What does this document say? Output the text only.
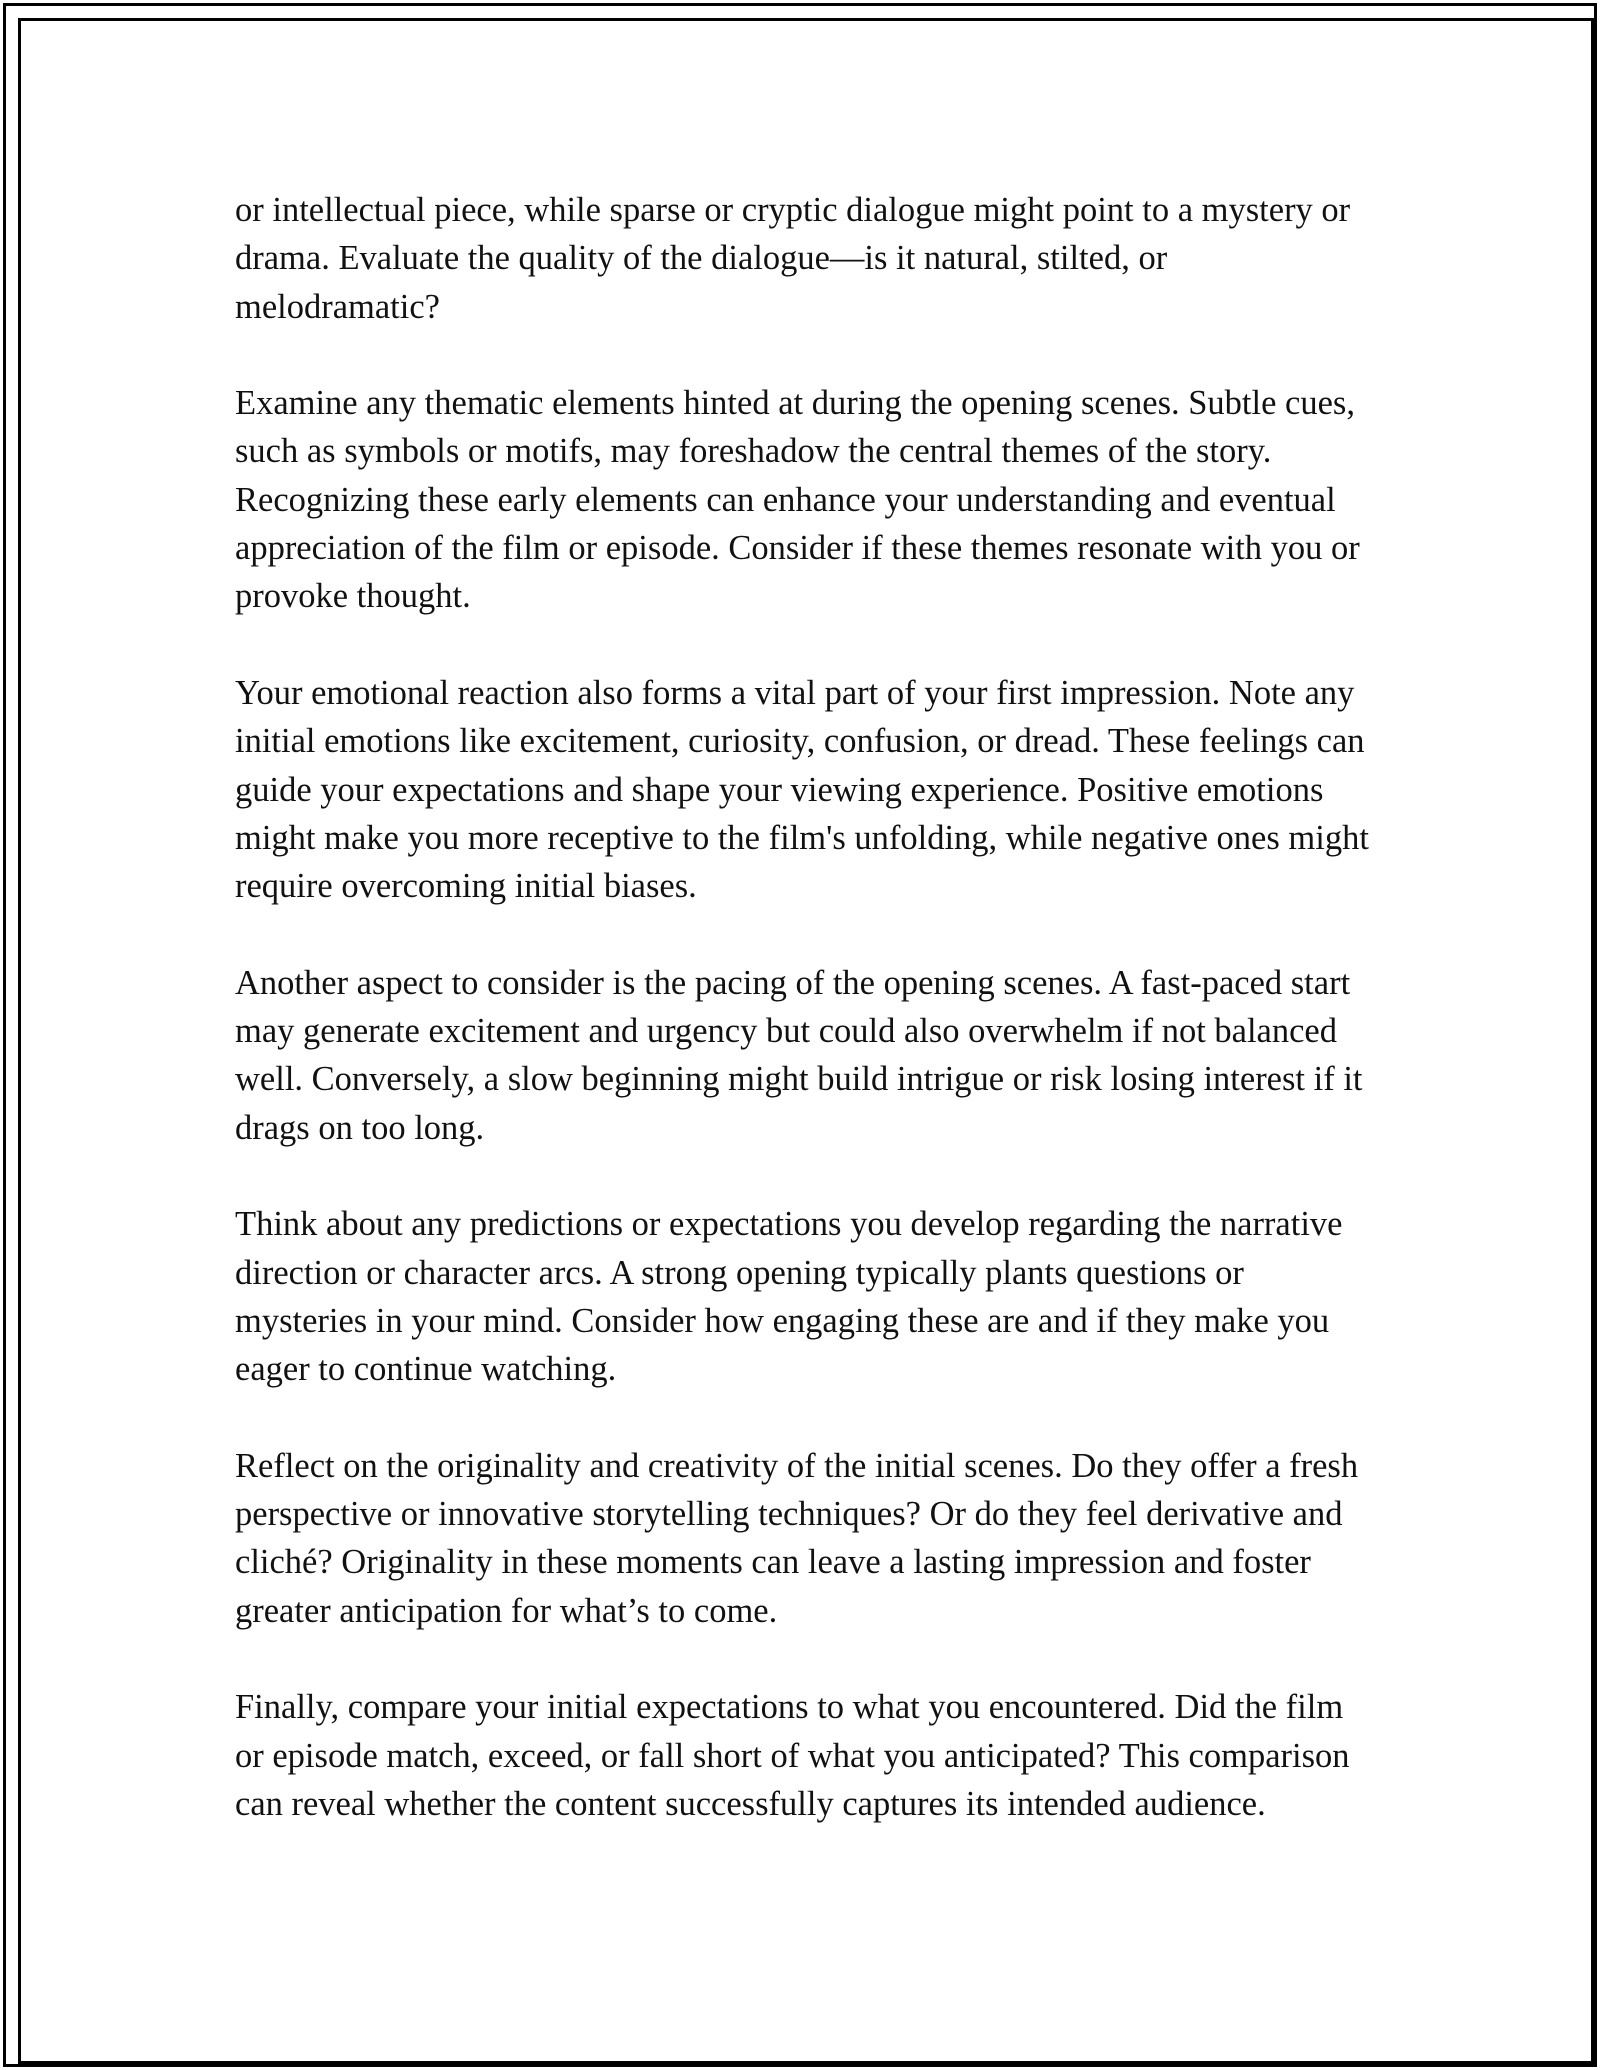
or intellectual piece, while sparse or cryptic dialogue might point to a mystery or drama. Evaluate the quality of the dialogue—is it natural, stilted, or melodramatic?

Examine any thematic elements hinted at during the opening scenes. Subtle cues, such as symbols or motifs, may foreshadow the central themes of the story. Recognizing these early elements can enhance your understanding and eventual appreciation of the film or episode. Consider if these themes resonate with you or provoke thought.

Your emotional reaction also forms a vital part of your first impression. Note any initial emotions like excitement, curiosity, confusion, or dread. These feelings can guide your expectations and shape your viewing experience. Positive emotions might make you more receptive to the film's unfolding, while negative ones might require overcoming initial biases.

Another aspect to consider is the pacing of the opening scenes. A fast-paced start may generate excitement and urgency but could also overwhelm if not balanced well. Conversely, a slow beginning might build intrigue or risk losing interest if it drags on too long.

Think about any predictions or expectations you develop regarding the narrative direction or character arcs. A strong opening typically plants questions or mysteries in your mind. Consider how engaging these are and if they make you eager to continue watching.

Reflect on the originality and creativity of the initial scenes. Do they offer a fresh perspective or innovative storytelling techniques? Or do they feel derivative and cliché? Originality in these moments can leave a lasting impression and foster greater anticipation for what’s to come.

Finally, compare your initial expectations to what you encountered. Did the film or episode match, exceed, or fall short of what you anticipated? This comparison can reveal whether the content successfully captures its intended audience.
